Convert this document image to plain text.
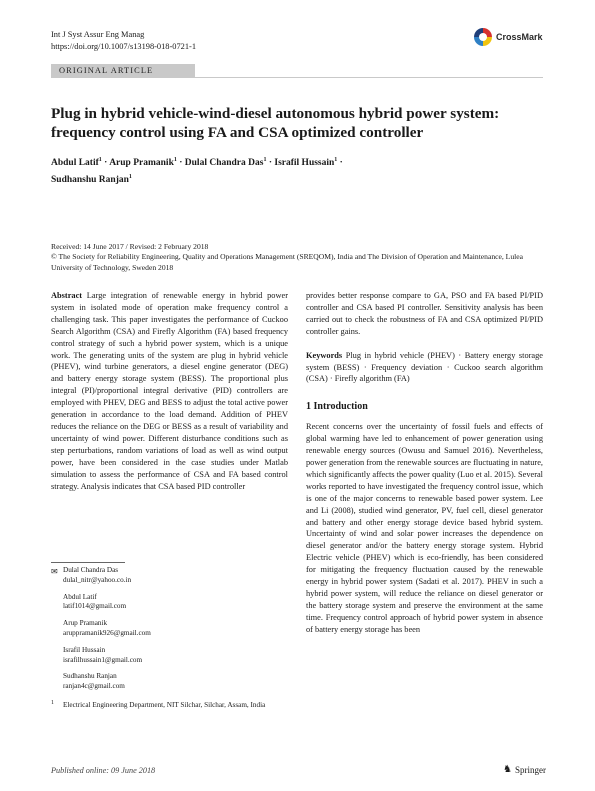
Int J Syst Assur Eng Manag
https://doi.org/10.1007/s13198-018-0721-1
CrossMark
ORIGINAL ARTICLE
Plug in hybrid vehicle-wind-diesel autonomous hybrid power system: frequency control using FA and CSA optimized controller
Abdul Latif$^1$ · Arup Pramanik$^1$ · Dulal Chandra Das$^1$ · Israfil Hussain$^1$ ·
Sudhanshu Ranjan$^1$
Received: 14 June 2017 / Revised: 2 February 2018
© The Society for Reliability Engineering, Quality and Operations Management (SREQOM), India and The Division of Operation and Maintenance, Lulea University of Technology, Sweden 2018
Abstract Large integration of renewable energy in hybrid power system in isolated mode of operation make frequency control a challenging task. This paper investigates the performance of Cuckoo Search Algorithm (CSA) and Firefly Algorithm (FA) based frequency control strategy of such a hybrid power system, which is a unique work. The generating units of the system are plug in hybrid vehicle (PHEV), wind turbine generators, a diesel engine generator (DEG) and battery energy storage system (BESS). The proportional plus integral (PI)/proportional integral derivative (PID) controllers are employed with PHEV, DEG and BESS to adjust the total active power generation in accordance to the load demand. Addition of PHEV reduces the reliance on the DEG or BESS as a result of variability and uncertainty of wind power. Different disturbance conditions such as step perturbations, random variations of load as well as wind output power, have been considered in the case studies under Matlab simulation to assess the performance of CSA and FA based control strategy. Analysis indicates that CSA based PID controller
provides better response compare to GA, PSO and FA based PI/PID controller and CSA based PI controller. Sensitivity analysis has been carried out to check the robustness of FA and CSA optimized PI/PID controller gains.
Keywords Plug in hybrid vehicle (PHEV) · Battery energy storage system (BESS) · Frequency deviation · Cuckoo search algorithm (CSA) · Firefly algorithm (FA)
1 Introduction
Recent concerns over the uncertainty of fossil fuels and effects of global warming have led to enhancement of power generation using renewable energy sources (Owusu and Samuel 2016). Nevertheless, power generation from the renewable sources are fluctuating in nature, which significantly affects the power quality (Luo et al. 2015). Several works reported to have investigated the frequency control issue, which is one of the major concerns to renewable based power system. Lee and Li (2008), studied wind generator, PV, fuel cell, diesel generator and battery and other energy storage device based hybrid system. Uncertainty of wind and solar power increases the dependence on diesel generator and/or the battery energy storage system. Hybrid Electric vehicle (PHEV) which is eco-friendly, has been considered for mitigating the frequency fluctuation caused by the renewable energy in hybrid power system (Sadati et al. 2017). PHEV in such a hybrid power system, will reduce the reliance on diesel generator or the battery storage system and preserve the environment at the same time. Frequency control approach of hybrid power system in absence of battery energy storage has been
✉ Dulal Chandra Das
dulal_nitr@yahoo.co.in
Abdul Latif
latif1014@gmail.com
Arup Pramanik
aruppramanik926@gmail.com
Israfil Hussain
israfilhussain1@gmail.com
Sudhanshu Ranjan
ranjan4c@gmail.com
1 Electrical Engineering Department, NIT Silchar, Silchar, Assam, India
Published online: 09 June 2018	♞ Springer
